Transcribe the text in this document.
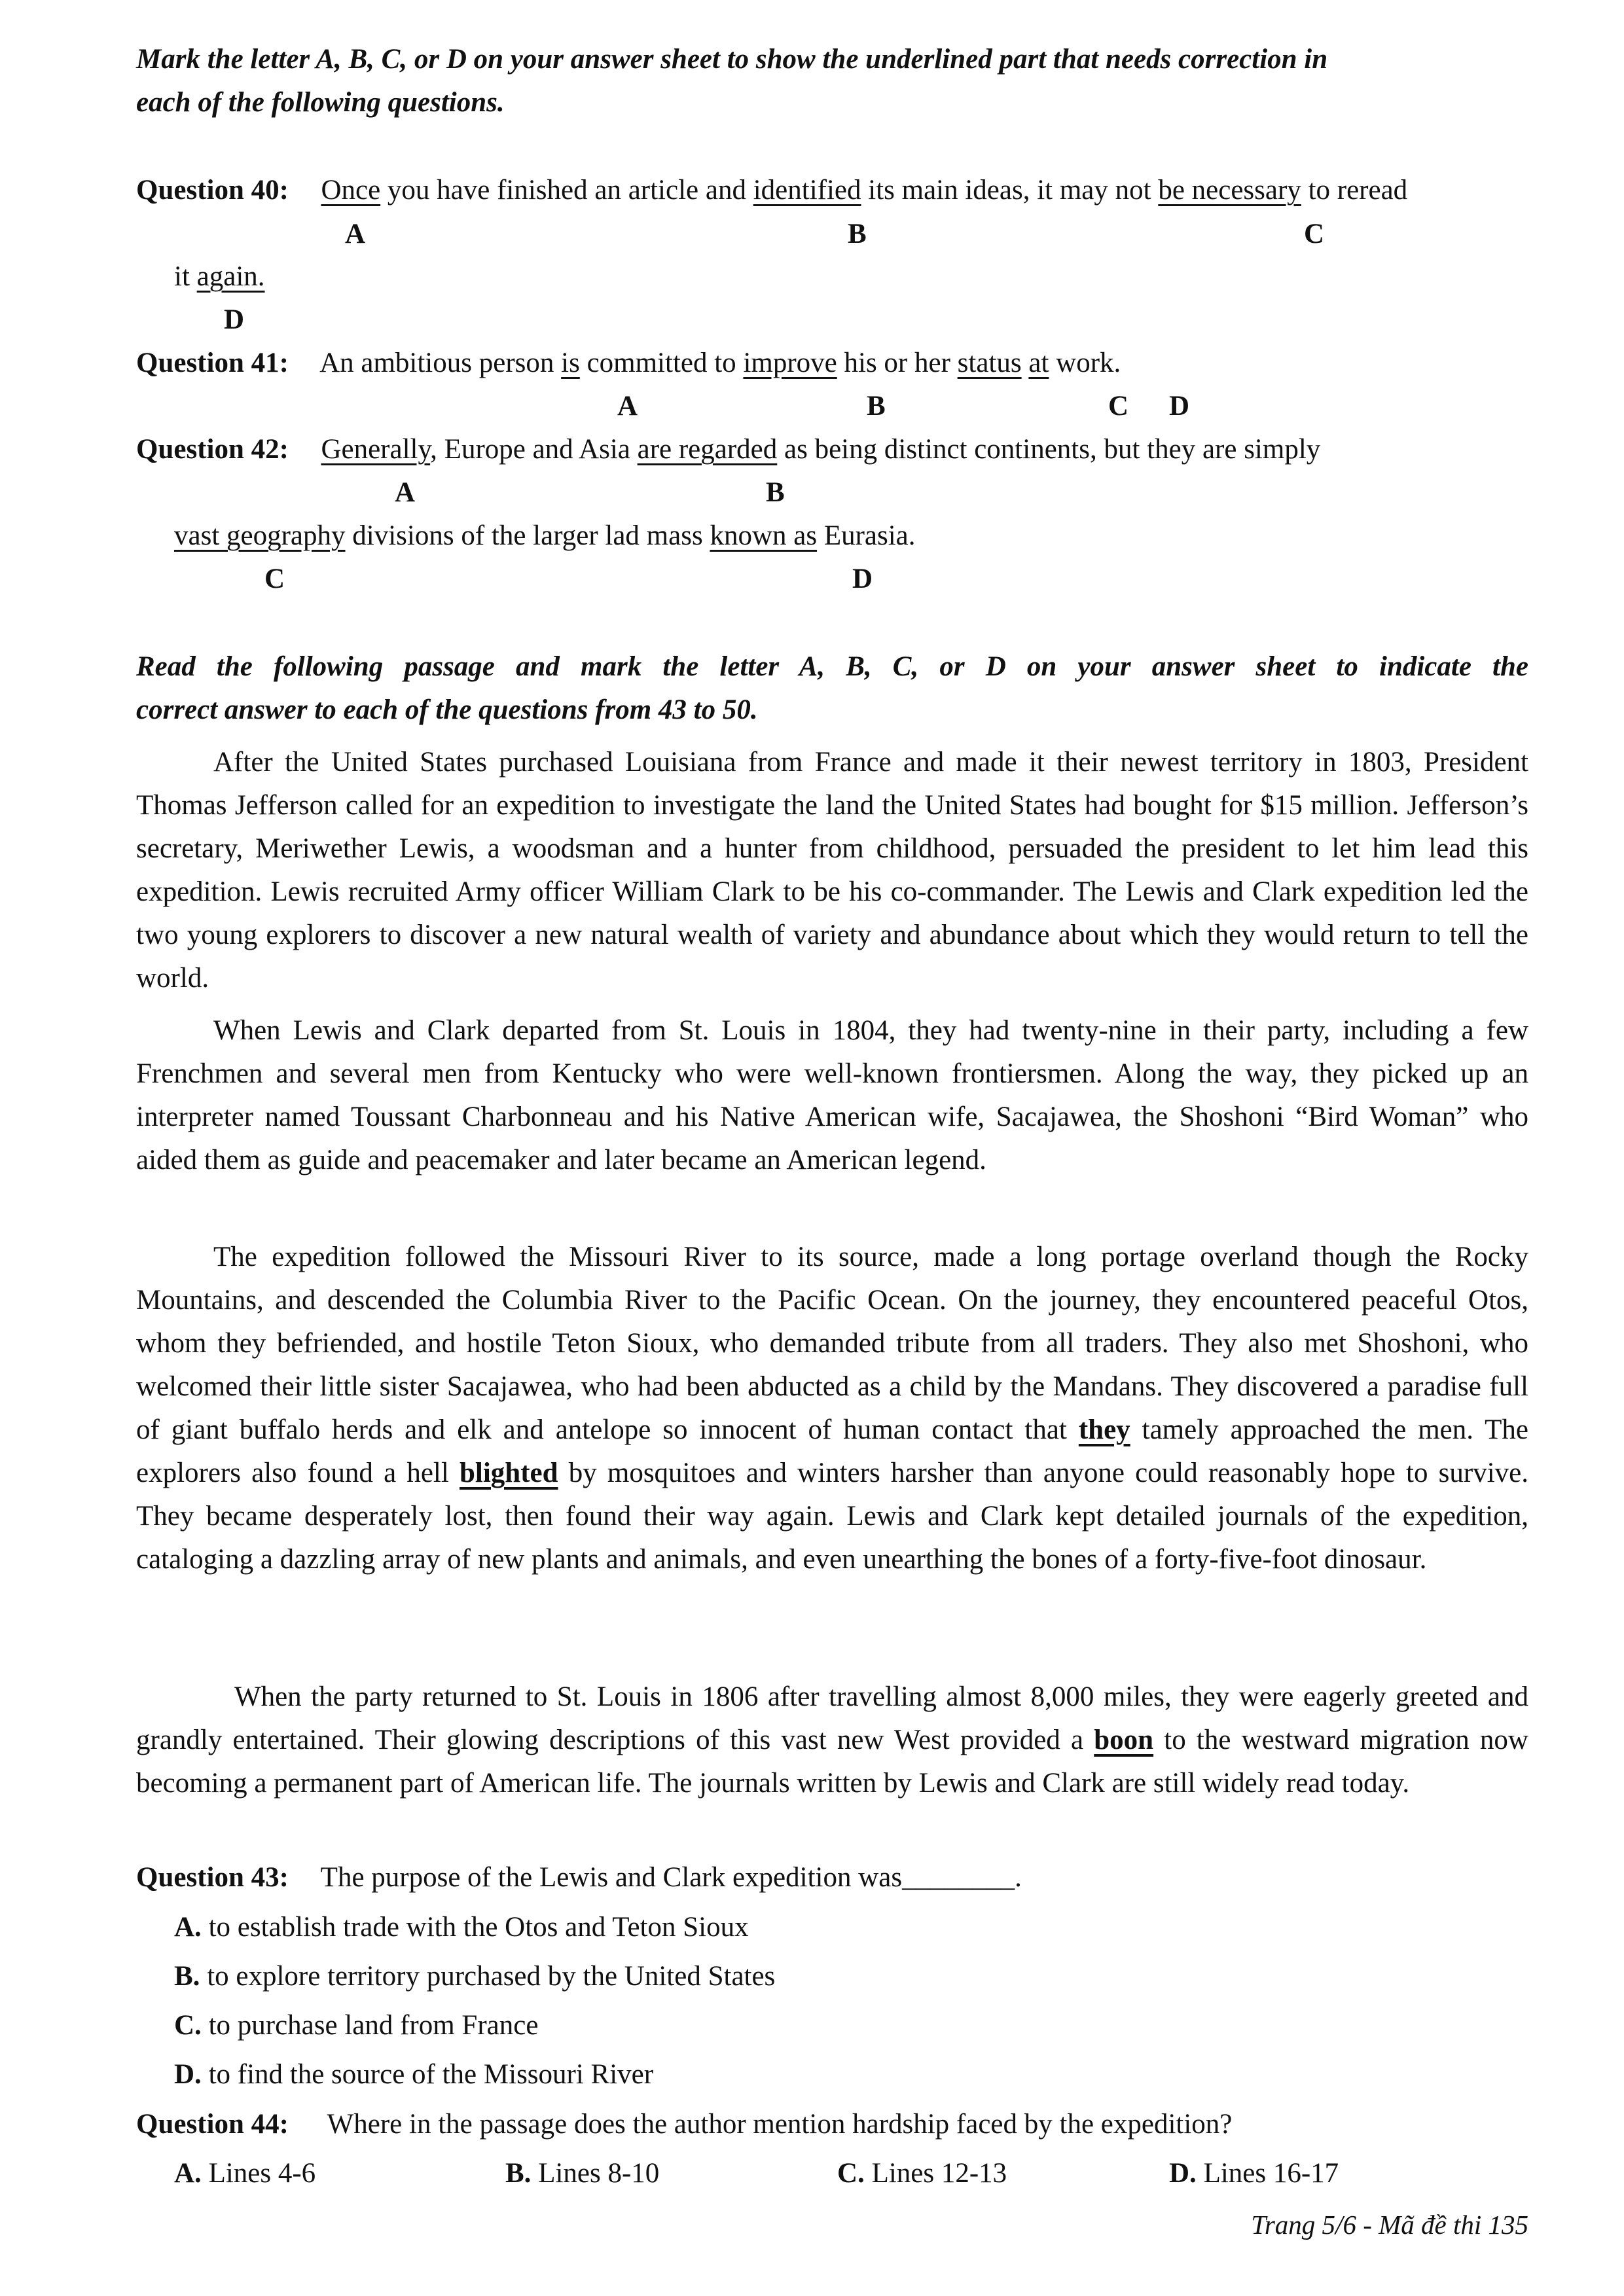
Mark the letter A, B, C, or D on your answer sheet to show the underlined part that needs correction in
each of the following questions.
Question 40: Once you have finished an article and identified its main ideas, it may not be necessary to reread
A	B	C
it again.
D
Question 41: An ambitious person is committed to improve his or her status at work.
A	B	C D
Question 42: Generally, Europe and Asia are regarded as being distinct continents, but they are simply
A	B
vast geography divisions of the larger lad mass known as Eurasia.
C	D
Read the following passage and mark the letter A, B, C, or D on your answer sheet to indicate the
correct answer to each of the questions from 43 to 50.
After the United States purchased Louisiana from France and made it their newest territory in 1803, President Thomas Jefferson called for an expedition to investigate the land the United States had bought for $15 million. Jefferson’s secretary, Meriwether Lewis, a woodsman and a hunter from childhood, persuaded the president to let him lead this expedition. Lewis recruited Army officer William Clark to be his co-commander. The Lewis and Clark expedition led the two young explorers to discover a new natural wealth of variety and abundance about which they would return to tell the world.
When Lewis and Clark departed from St. Louis in 1804, they had twenty-nine in their party, including a few Frenchmen and several men from Kentucky who were well-known frontiersmen. Along the way, they picked up an interpreter named Toussant Charbonneau and his Native American wife, Sacajawea, the Shoshoni “Bird Woman” who aided them as guide and peacemaker and later became an American legend.
The expedition followed the Missouri River to its source, made a long portage overland though the Rocky Mountains, and descended the Columbia River to the Pacific Ocean. On the journey, they encountered peaceful Otos, whom they befriended, and hostile Teton Sioux, who demanded tribute from all traders. They also met Shoshoni, who welcomed their little sister Sacajawea, who had been abducted as a child by the Mandans. They discovered a paradise full of giant buffalo herds and elk and antelope so innocent of human contact that they tamely approached the men. The explorers also found a hell blighted by mosquitoes and winters harsher than anyone could reasonably hope to survive. They became desperately lost, then found their way again. Lewis and Clark kept detailed journals of the expedition, cataloging a dazzling array of new plants and animals, and even unearthing the bones of a forty-five-foot dinosaur.
When the party returned to St. Louis in 1806 after travelling almost 8,000 miles, they were eagerly greeted and grandly entertained. Their glowing descriptions of this vast new West provided a boon to the westward migration now becoming a permanent part of American life. The journals written by Lewis and Clark are still widely read today.
Question 43: The purpose of the Lewis and Clark expedition was________.
A. to establish trade with the Otos and Teton Sioux
B. to explore territory purchased by the United States
C. to purchase land from France
D. to find the source of the Missouri River
Question 44: Where in the passage does the author mention hardship faced by the expedition?
A. Lines 4-6	B. Lines 8-10	C. Lines 12-13	D. Lines 16-17
Trang 5/6 - Mã đề thi 135
